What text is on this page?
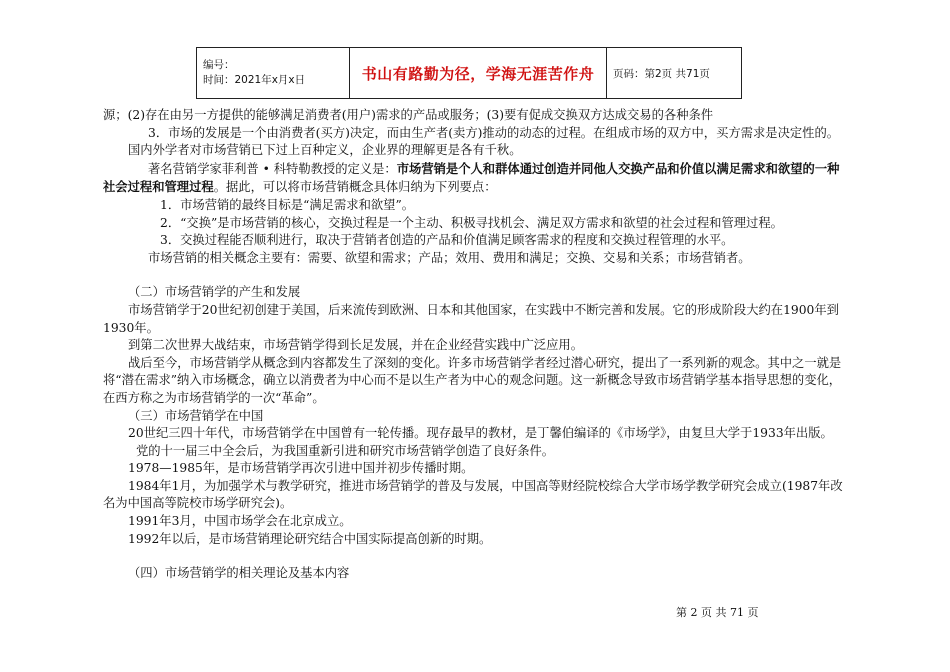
编号：
时间：2021年x月x日	书山有路勤为径，学海无涯苦作舟	页码：第2页 共71页

源；(2)存在由另一方提供的能够满足消费者(用户)需求的产品或服务；(3)要有促成交换双方达成交易的各种条件

3．市场的发展是一个由消费者(买方)决定，而由生产者(卖方)推动的动态的过程。在组成市场的双方中，买方需求是决定性的。

国内外学者对市场营销已下过上百种定义，企业界的理解更是各有千秋。

著名营销学家菲利普 • 科特勒教授的定义是：市场营销是个人和群体通过创造并同他人交换产品和价值以满足需求和欲望的一种社会过程和管理过程。据此，可以将市场营销概念具体归纳为下列要点：

1．市场营销的最终目标是“满足需求和欲望”。

2．“交换”是市场营销的核心，交换过程是一个主动、积极寻找机会、满足双方需求和欲望的社会过程和管理过程。

3．交换过程能否顺利进行，取决于营销者创造的产品和价值满足顾客需求的程度和交换过程管理的水平。

市场营销的相关概念主要有：需要、欲望和需求；产品；效用、费用和满足；交换、交易和关系；市场营销者。

（二）市场营销学的产生和发展

市场营销学于20世纪初创建于美国，后来流传到欧洲、日本和其他国家，在实践中不断完善和发展。它的形成阶段大约在1900年到1930年。

到第二次世界大战结束，市场营销学得到长足发展，并在企业经营实践中广泛应用。

战后至今，市场营销学从概念到内容都发生了深刻的变化。许多市场营销学者经过潜心研究，提出了一系列新的观念。其中之一就是将“潜在需求”纳入市场概念，确立以消费者为中心而不是以生产者为中心的观念问题。这一新概念导致市场营销学基本指导思想的变化，在西方称之为市场营销学的一次“革命”。

（三）市场营销学在中国

20世纪三四十年代，市场营销学在中国曾有一轮传播。现存最早的教材，是丁馨伯编译的《市场学》，由复旦大学于1933年出版。

党的十一届三中全会后，为我国重新引进和研究市场营销学创造了良好条件。

1978—1985年，是市场营销学再次引进中国并初步传播时期。

1984年1月，为加强学术与教学研究，推进市场营销学的普及与发展，中国高等财经院校综合大学市场学教学研究会成立(1987年改名为中国高等院校市场学研究会)。

1991年3月，中国市场学会在北京成立。

1992年以后，是市场营销理论研究结合中国实际提高创新的时期。

（四）市场营销学的相关理论及基本内容

第 2 页 共 71 页
